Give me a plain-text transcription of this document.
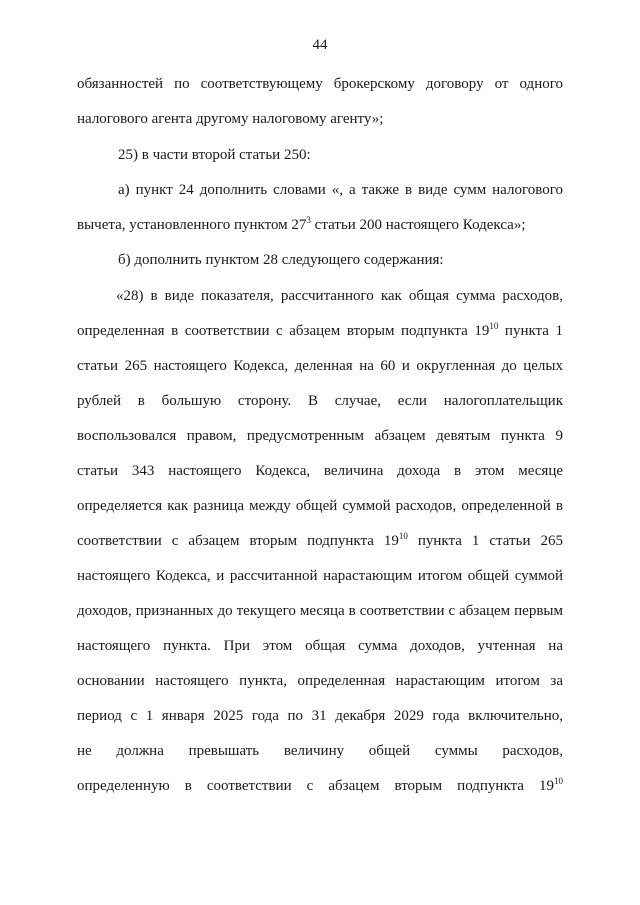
44
обязанностей по соответствующему брокерскому договору от одного
налогового агента другому налоговому агенту»;
25) в части второй статьи 250:
а) пункт 24 дополнить словами «, а также в виде сумм налогового
вычета, установленного пунктом $27^3$ статьи 200 настоящего Кодекса»;
б) дополнить пунктом 28 следующего содержания:
«28) в виде показателя, рассчитанного как общая сумма расходов,
определенная в соответствии с абзацем вторым подпункта $19^{10}$ пункта 1
статьи 265 настоящего Кодекса, деленная на 60 и округленная до целых
рублей в большую сторону. В случае, если налогоплательщик
воспользовался правом, предусмотренным абзацем девятым пункта 9
статьи 343 настоящего Кодекса, величина дохода в этом месяце
определяется как разница между общей суммой расходов, определенной в
соответствии с абзацем вторым подпункта $19^{10}$ пункта 1 статьи 265
настоящего Кодекса, и рассчитанной нарастающим итогом общей суммой
доходов, признанных до текущего месяца в соответствии с абзацем первым
настоящего пункта. При этом общая сумма доходов, учтенная на
основании настоящего пункта, определенная нарастающим итогом за
период с 1 января 2025 года по 31 декабря 2029 года включительно,
не должна превышать величину общей суммы расходов,
определенную в соответствии с абзацем вторым подпункта $19^{10}$
